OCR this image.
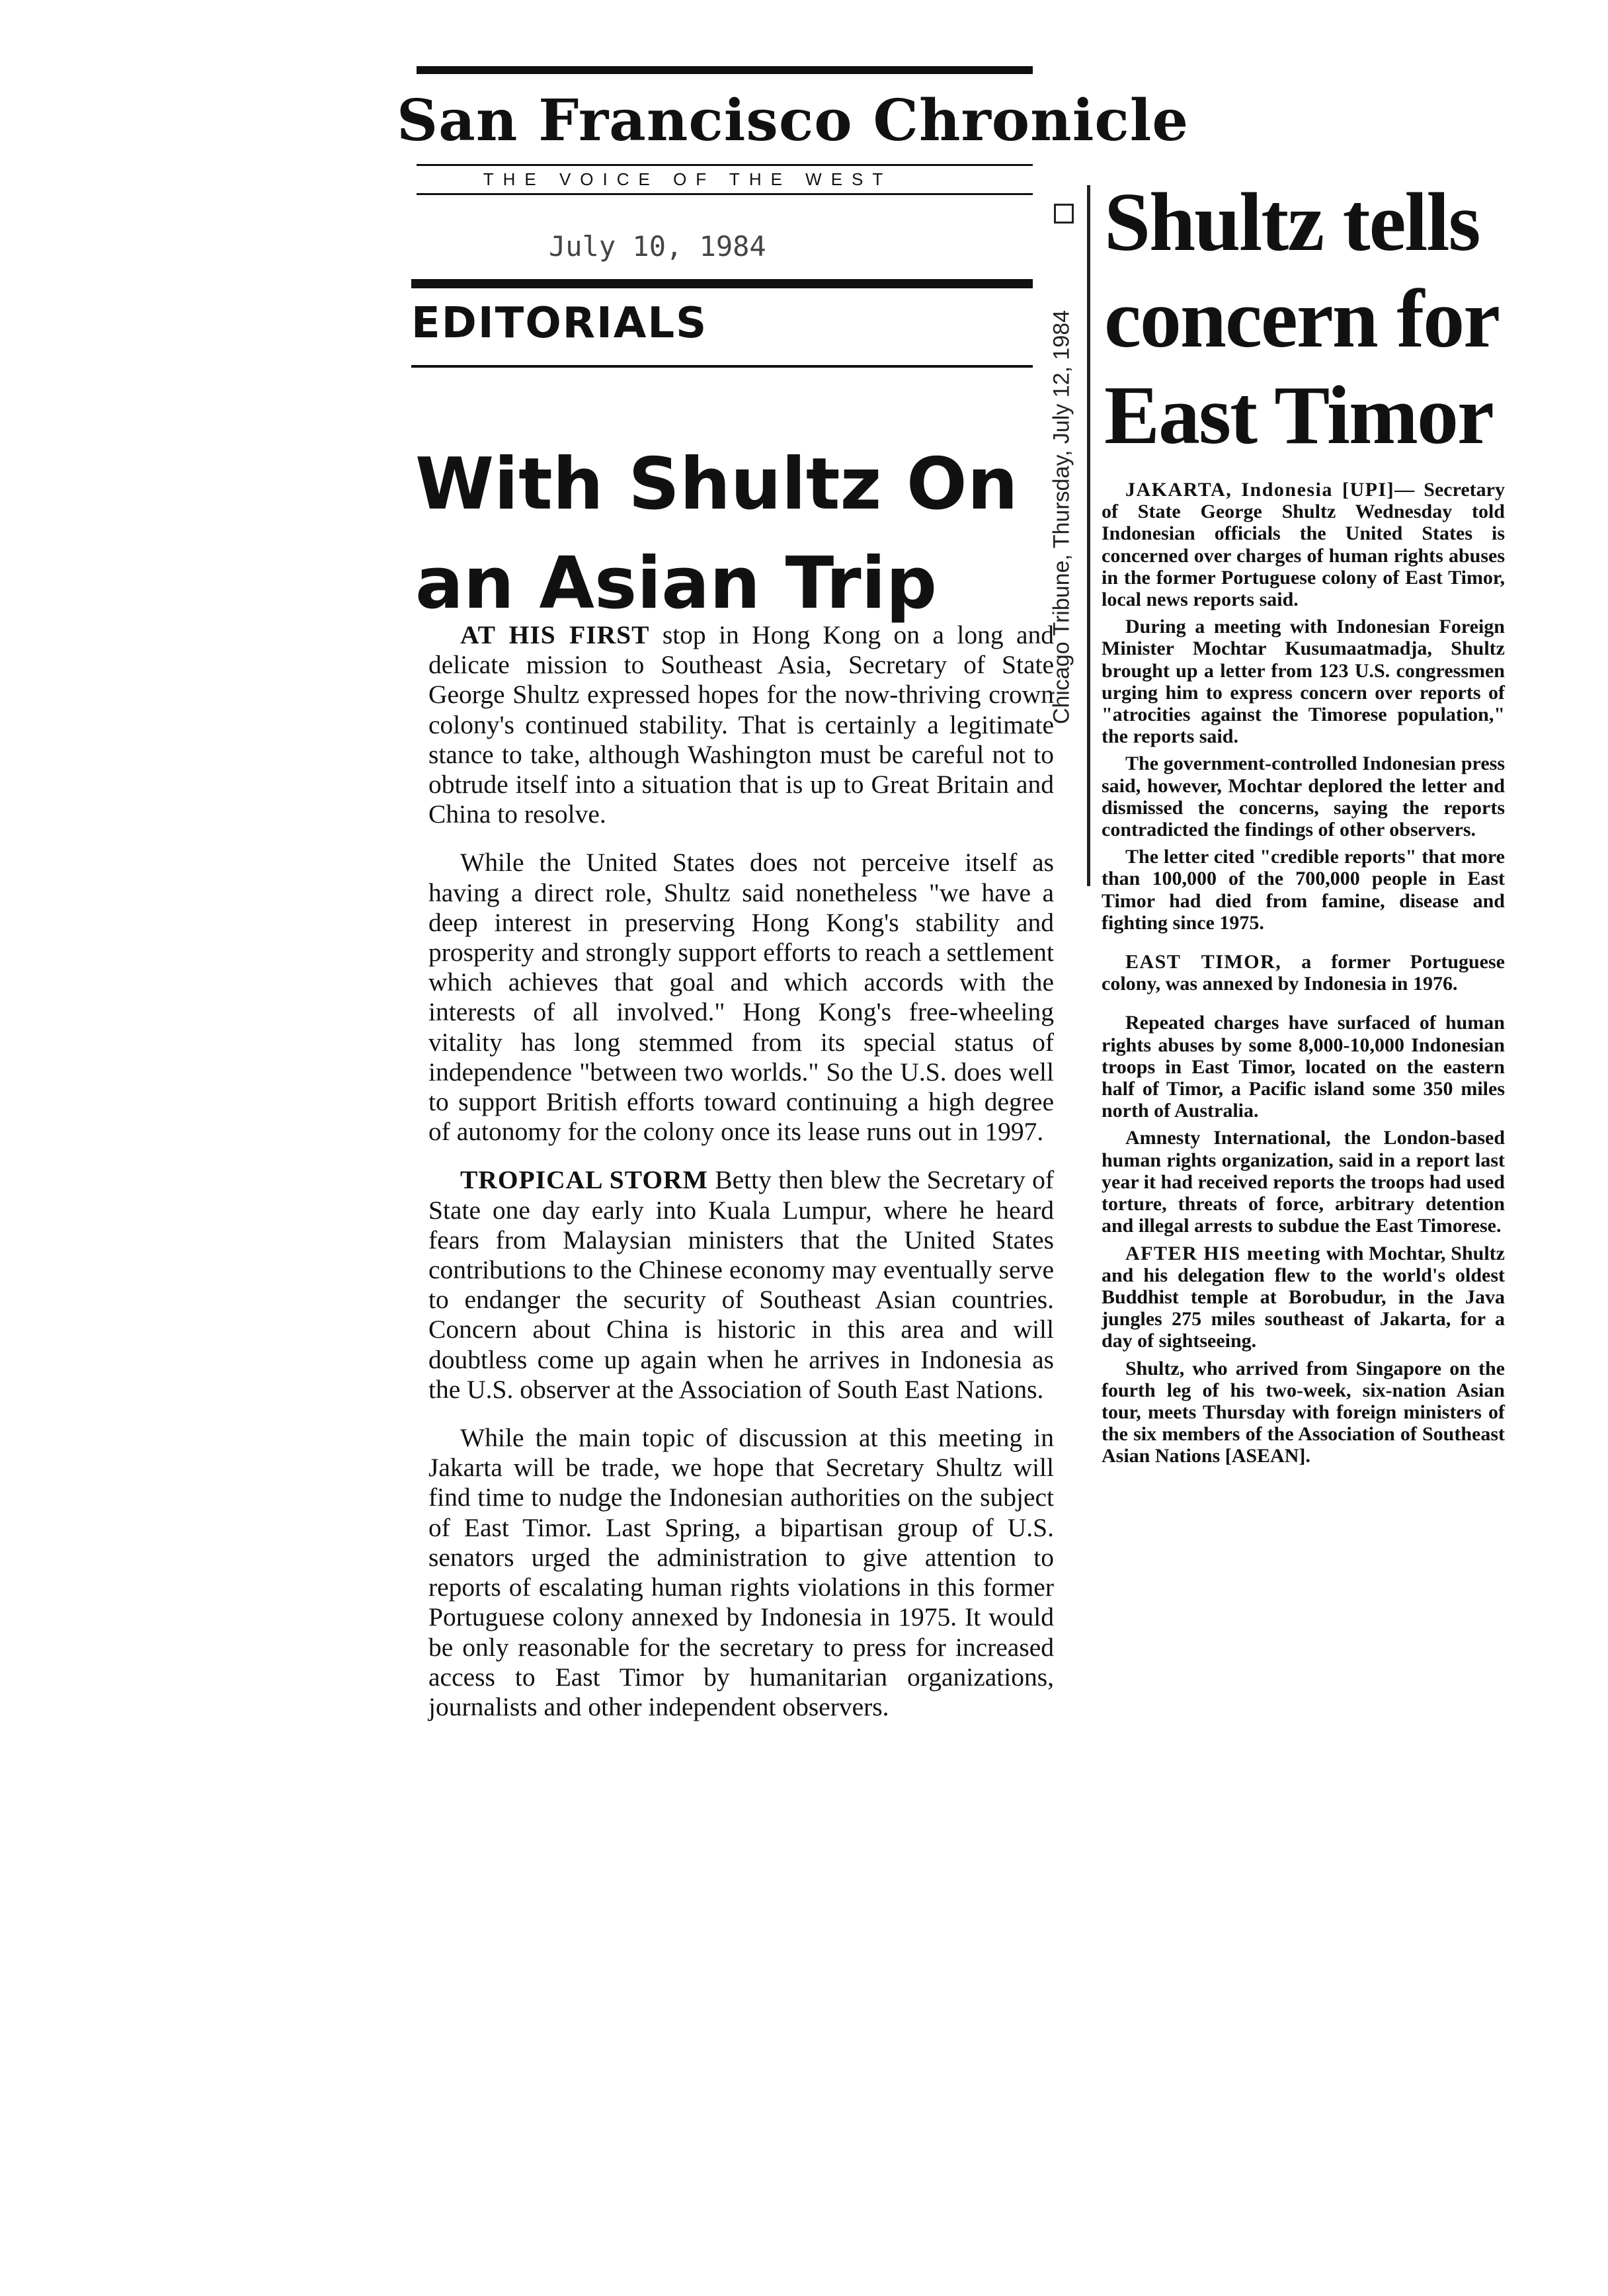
San Francisco Chronicle
THE VOICE OF THE WEST
July 10, 1984
EDITORIALS
With Shultz On an Asian Trip

AT HIS FIRST stop in Hong Kong on a long and delicate mission to Southeast Asia, Secretary of State George Shultz expressed hopes for the now-thriving crown colony's continued stability. That is certainly a legitimate stance to take, although Washington must be careful not to obtrude itself into a situation that is up to Great Britain and China to resolve.

While the United States does not perceive itself as having a direct role, Shultz said nonetheless "we have a deep interest in preserving Hong Kong's stability and prosperity and strongly support efforts to reach a settlement which achieves that goal and which accords with the interests of all involved." Hong Kong's free-wheeling vitality has long stemmed from its special status of independence "between two worlds." So the U.S. does well to support British efforts toward continuing a high degree of autonomy for the colony once its lease runs out in 1997.

TROPICAL STORM Betty then blew the Secretary of State one day early into Kuala Lumpur, where he heard fears from Malaysian ministers that the United States contributions to the Chinese economy may eventually serve to endanger the security of Southeast Asian countries. Concern about China is historic in this area and will doubtless come up again when he arrives in Indonesia as the U.S. observer at the Association of South East Nations.

While the main topic of discussion at this meeting in Jakarta will be trade, we hope that Secretary Shultz will find time to nudge the Indonesian authorities on the subject of East Timor. Last Spring, a bipartisan group of U.S. senators urged the administration to give attention to reports of escalating human rights violations in this former Portuguese colony annexed by Indonesia in 1975. It would be only reasonable for the secretary to press for increased access to East Timor by humanitarian organizations, journalists and other independent observers.

Chicago Tribune, Thursday, July 12, 1984
Shultz tells concern for East Timor

JAKARTA, Indonesia [UPI]— Secretary of State George Shultz Wednesday told Indonesian officials the United States is concerned over charges of human rights abuses in the former Portuguese colony of East Timor, local news reports said.

During a meeting with Indonesian Foreign Minister Mochtar Kusumaatmadja, Shultz brought up a letter from 123 U.S. congressmen urging him to express concern over reports of "atrocities against the Timorese population," the reports said.

The government-controlled Indonesian press said, however, Mochtar deplored the letter and dismissed the concerns, saying the reports contradicted the findings of other observers.

The letter cited "credible reports" that more than 100,000 of the 700,000 people in East Timor had died from famine, disease and fighting since 1975.

EAST TIMOR, a former Portuguese colony, was annexed by Indonesia in 1976.

Repeated charges have surfaced of human rights abuses by some 8,000-10,000 Indonesian troops in East Timor, located on the eastern half of Timor, a Pacific island some 350 miles north of Australia.

Amnesty International, the London-based human rights organization, said in a report last year it had received reports the troops had used torture, threats of force, arbitrary detention and illegal arrests to subdue the East Timorese.

AFTER HIS meeting with Mochtar, Shultz and his delegation flew to the world's oldest Buddhist temple at Borobudur, in the Java jungles 275 miles southeast of Jakarta, for a day of sightseeing.

Shultz, who arrived from Singapore on the fourth leg of his two-week, six-nation Asian tour, meets Thursday with foreign ministers of the six members of the Association of Southeast Asian Nations [ASEAN].
